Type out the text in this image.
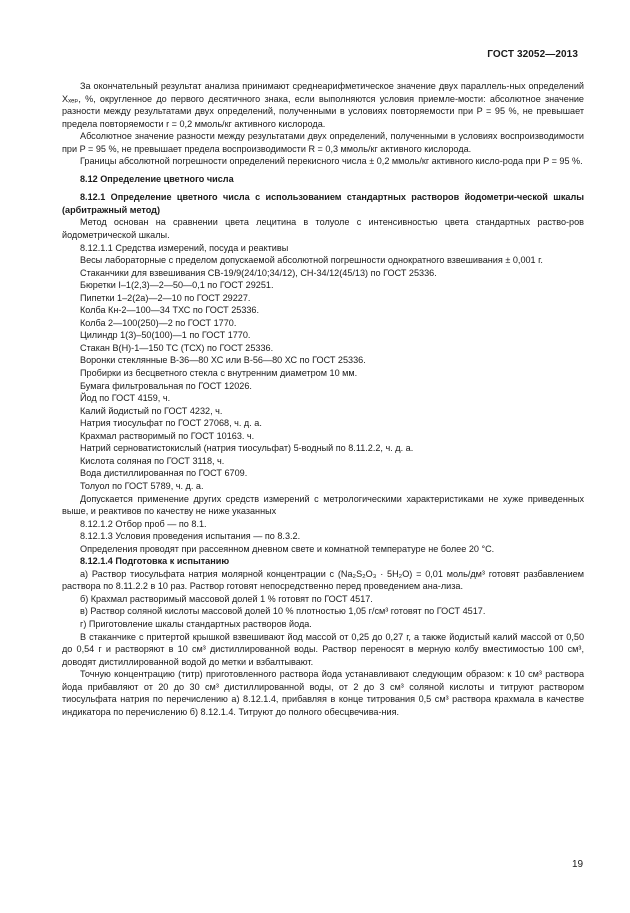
ГОСТ 32052—2013

За окончательный результат анализа принимают среднеарифметическое значение двух параллель-ных определений Xₓₑₚ, %, округленное до первого десятичного знака, если выполняются условия приемле-мости: абсолютное значение разности между результатами двух определений, полученными в условиях повторяемости при P = 95 %, не превышает предела повторяемости r = 0,2 ммоль/кг активного кислорода.

Абсолютное значение разности между результатами двух определений, полученными в условиях воспроизводимости при P = 95 %, не превышает предела воспроизводимости R = 0,3 ммоль/кг активного кислорода.

Границы абсолютной погрешности определений перекисного числа ± 0,2 ммоль/кг активного кисло-рода при P = 95 %.

8.12 Определение цветного числа

8.12.1 Определение цветного числа с использованием стандартных растворов йодометри-ческой шкалы (арбитражный метод)

Метод основан на сравнении цвета лецитина в толуоле с интенсивностью цвета стандартных раство-ров йодометрической шкалы.

8.12.1.1 Средства измерений, посуда и реактивы

Весы лабораторные с пределом допускаемой абсолютной погрешности однократного взвешивания ± 0,001 г.

Стаканчики для взвешивания СВ-19/9(24/10;34/12), СН-34/12(45/13) по ГОСТ 25336.

Бюретки I–1(2,3)—2—50—0,1 по ГОСТ 29251.

Пипетки 1–2(2а)—2—10 по ГОСТ 29227.

Колба Кн-2—100—34 ТХС по ГОСТ 25336.

Колба 2—100(250)—2 по ГОСТ 1770.

Цилиндр 1(3)–50(100)—1 по ГОСТ 1770.

Стакан В(Н)-1—150 ТС (ТСХ) по ГОСТ 25336.

Воронки стеклянные В-36—80 ХС или В-56—80 ХС по ГОСТ 25336.

Пробирки из бесцветного стекла с внутренним диаметром 10 мм.

Бумага фильтровальная по ГОСТ 12026.

Йод по ГОСТ 4159, ч.

Калий йодистый по ГОСТ 4232, ч.

Натрия тиосульфат по ГОСТ 27068, ч. д. а.

Крахмал растворимый по ГОСТ 10163. ч.

Натрий серноватистокислый (натрия тиосульфат) 5-водный по 8.11.2.2, ч. д. а.

Кислота соляная по ГОСТ 3118, ч.

Вода дистиллированная по ГОСТ 6709.

Толуол по ГОСТ 5789, ч. д. а.

Допускается применение других средств измерений с метрологическими характеристиками не хуже приведенных выше, и реактивов по качеству не ниже указанных

8.12.1.2 Отбор проб — по 8.1.

8.12.1.3 Условия проведения испытания — по 8.3.2.

Определения проводят при рассеянном дневном свете и комнатной температуре не более 20 °С.

8.12.1.4 Подготовка к испытанию

а) Раствор тиосульфата натрия молярной концентрации c (Na₂S₂O₃ · 5H₂O) = 0,01 моль/дм³ готовят разбавлением раствора по 8.11.2.2 в 10 раз. Раствор готовят непосредственно перед проведением ана-лиза.

б) Крахмал растворимый массовой долей 1 % готовят по ГОСТ 4517.

в) Раствор соляной кислоты массовой долей 10 % плотностью 1,05 г/см³ готовят по ГОСТ 4517.

г) Приготовление шкалы стандартных растворов йода.

В стаканчике с притертой крышкой взвешивают йод массой от 0,25 до 0,27 г, а также йодистый калий массой от 0,50 до 0,54 г и растворяют в 10 см³ дистиллированной воды. Раствор переносят в мерную колбу вместимостью 100 см³, доводят дистиллированной водой до метки и взбалтывают.

Точную концентрацию (титр) приготовленного раствора йода устанавливают следующим образом: к 10 см³ раствора йода прибавляют от 20 до 30 см³ дистиллированной воды, от 2 до 3 см³ соляной кислоты и титруют раствором тиосульфата натрия по перечислению а) 8.12.1.4, прибавляя в конце титрования 0,5 см³ раствора крахмала в качестве индикатора по перечислению б) 8.12.1.4. Титруют до полного обесцвечива-ния.

19
